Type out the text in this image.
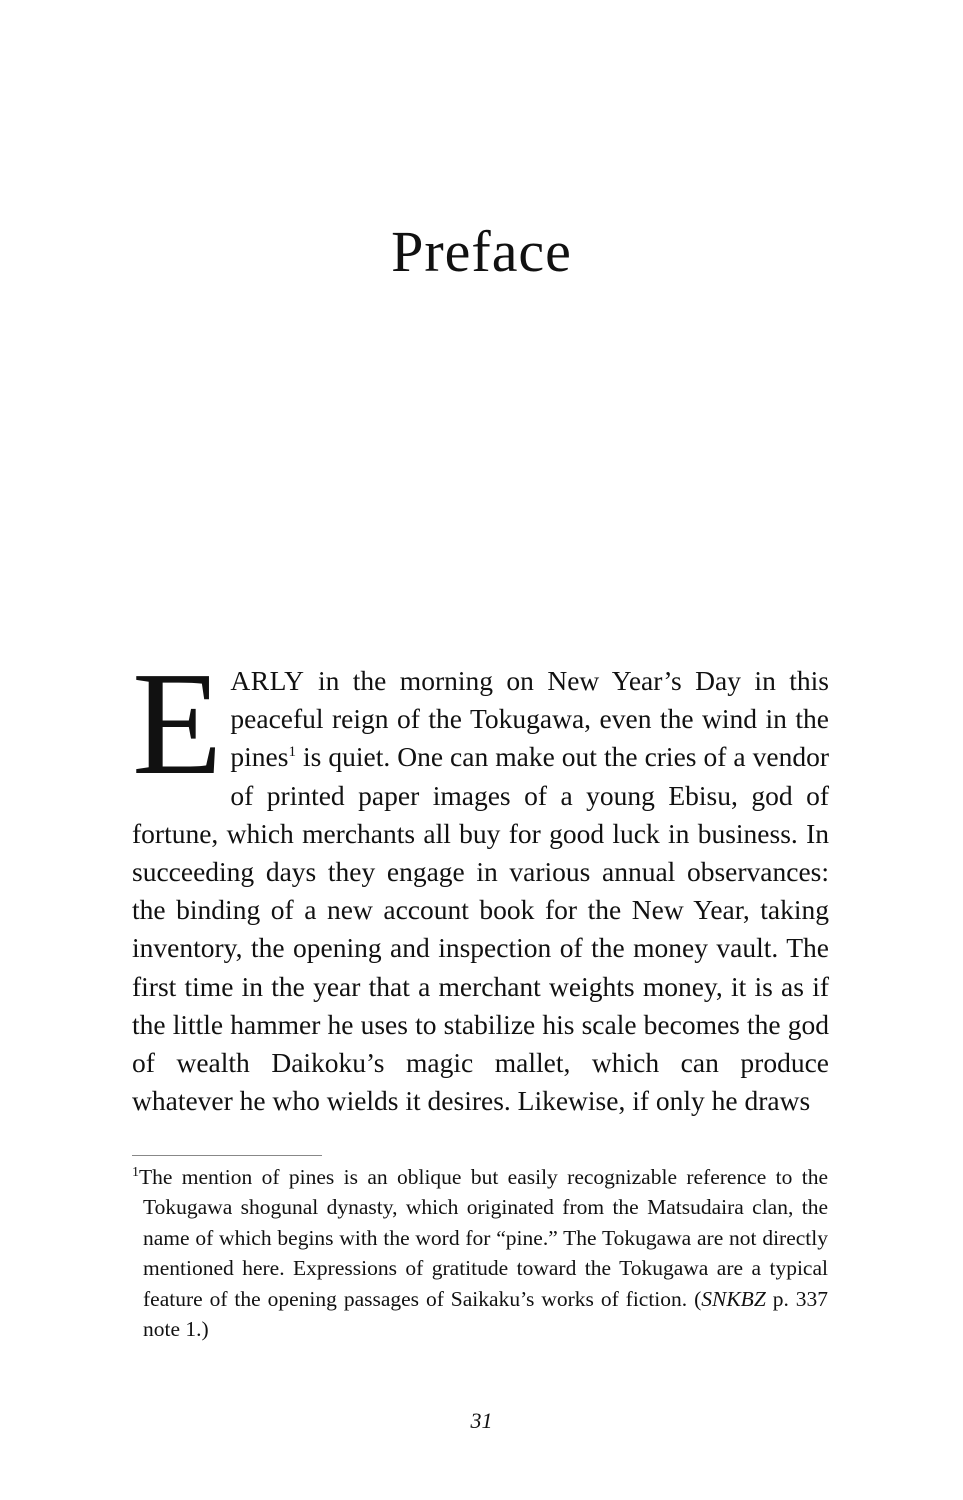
Preface

EARLY in the morning on New Year’s Day in this peaceful reign of the Tokugawa, even the wind in the pines$^1$ is quiet. One can make out the cries of a vendor of printed paper images of a young Ebisu, god of fortune, which merchants all buy for good luck in business. In succeeding days they engage in various annual observances: the binding of a new account book for the New Year, taking inventory, the opening and inspection of the money vault. The first time in the year that a merchant weights money, it is as if the little hammer he uses to stabilize his scale becomes the god of wealth Daikoku’s magic mallet, which can produce whatever he who wields it desires. Likewise, if only he draws

$^1$The mention of pines is an oblique but easily recognizable reference to the Tokugawa shogunal dynasty, which originated from the Matsudaira clan, the name of which begins with the word for “pine.” The Tokugawa are not directly mentioned here. Expressions of gratitude toward the Tokugawa are a typical feature of the opening passages of Saikaku’s works of fiction. (SNKBZ p. 337 note 1.)

31
